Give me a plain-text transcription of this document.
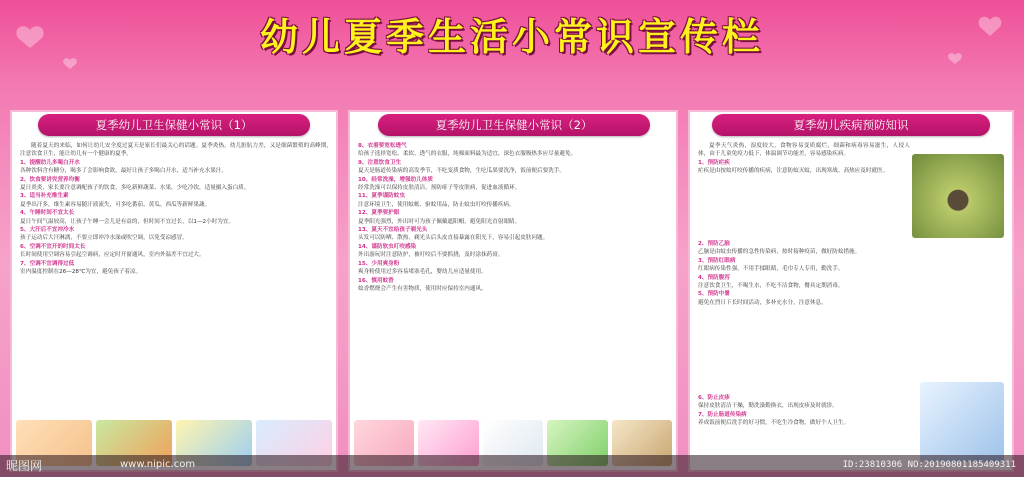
幼儿夏季生活小常识宣传栏

随着夏天的来临，如何让幼儿安全度过夏天是家长们最关心的话题。夏季炎热，幼儿脏肮力差，又是细菌繁殖的高峰期，注意饮食卫生，能让幼儿有一个健康的夏季。
1、提醒幼儿多喝白开水
各种饮料含有糖分，喝多了会影响食欲，最好让孩子多喝白开水，适当补充水果汁。
2、饮食要讲究营养均衡
夏日炎炎，家长要注意调配孩子的饮食，多吃新鲜蔬菜、水果，少吃冷饮，适量摄入蛋白质。
3、适当补充维生素
夏季出汗多，维生素容易随汗液流失，可多吃番茄、黄瓜、西瓜等新鲜果蔬。
4、午睡时间不宜太长
夏日午间气温较高，让孩子午睡一会儿是有益的，但时间不宜过长，以1—2小时为宜。
5、大汗后不宜冲冷水
孩子运动后大汗淋漓，不要立即冲冷水澡或吹空调，以免受凉感冒。
6、空调不宜开的时间太长
长时间使用空调容易引起空调病，应定时开窗通风，室内外温差不宜过大。
7、空调不宜调得过低
室内温度控制在26—28℃为宜，避免孩子着凉。

夏季幼儿卫生保健小常识（1）

8、衣着要宽松透气
给孩子选择宽松、柔软、透气的衣服，纯棉面料最为适宜，深色衣服吸热多应尽量避免。
9、注意饮食卫生
夏天是肠道传染病的高发季节，不吃变质食物，生吃瓜果要洗净，饭前便后要洗手。
10、经常洗澡，增强幼儿体质
经常洗澡可以保持皮肤清洁，预防痱子等皮肤病，促进血液循环。
11、夏季谨防蚊虫
注意环境卫生，使用蚊帐、驱蚊用品，防止蚊虫叮咬传播疾病。
12、夏季要护眼
夏季阳光强烈，外出时可为孩子佩戴遮阳帽，避免阳光直射眼睛。
13、夏天不宜给孩子剃光头
头发可以防晒、散热，剃光头后头皮直接暴露在阳光下，容易引起皮肤问题。
14、谨防软虫叮咬感染
外出游玩时注意防护，被叮咬后不要抓挠，及时涂抹药膏。
15、少用爽身粉
爽身粉使用过多容易堵塞毛孔，婴幼儿应适量使用。
16、慎用蚊香
蚊香燃烧会产生有害物质，使用时应保持室内通风。

夏季幼儿卫生保健小常识（2）

夏季天气炎热，湿度较大，食物容易变质腐烂，细菌和病毒容易滋生，人侵人体，由于儿童免疫力低下，体温调节功能差，容易感染疾病。
1、预防疟疾
疟疾是由按蚊叮咬传播的疾病，注意防蚊灭蚊，出现寒战、高热应及时就医。

2、预防乙脑
乙脑是由蚊虫传播的急性传染病，按时接种疫苗，做好防蚊措施。
3、预防红眼病
红眼病传染性强，不用手揉眼睛，毛巾专人专用，勤洗手。
4、预防腹泻
注意饮食卫生，不喝生水，不吃不洁食物，餐具定期消毒。
5、预防中暑
避免在烈日下长时间活动，多补充水分，注意休息。

6、防止皮疹
保持皮肤清洁干燥，勤洗澡勤换衣，出现皮疹及时就诊。
7、防止肠道传染病
养成饭前便后洗手的好习惯，不吃生冷食物，做好个人卫生。

夏季幼儿疾病预防知识
昵图网	www.nipic.com	ID:23810306 NO:20190801185409311
